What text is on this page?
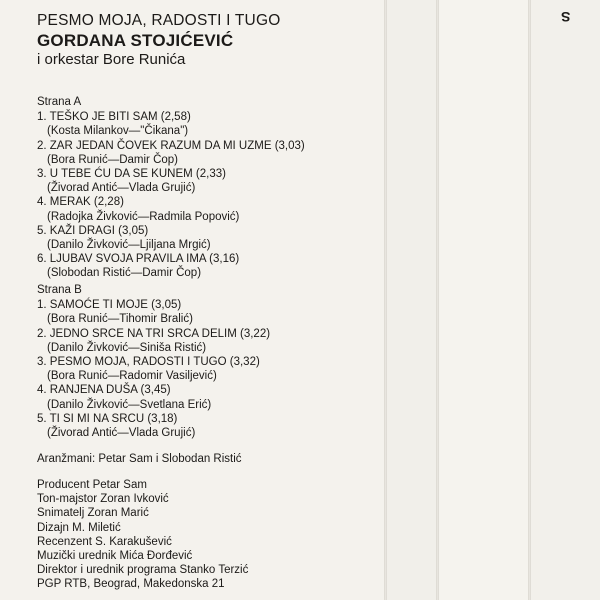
S
PESMO MOJA, RADOSTI I TUGO
GORDANA STOJIĆEVIĆ
i orkestar Bore Runića
Strana A
1. TEŠKO JE BITI SAM (2,58)
(Kosta Milankov—"Čikana")
2. ZAR JEDAN ČOVEK RAZUM DA MI UZME (3,03)
(Bora Runić—Damir Čop)
3. U TEBE ĆU DA SE KUNEM (2,33)
(Živorad Antić—Vlada Grujić)
4. MERAK (2,28)
(Radojka Živković—Radmila Popović)
5. KAŽI DRAGI (3,05)
(Danilo Živković—Ljiljana Mrgić)
6. LJUBAV SVOJA PRAVILA IMA (3,16)
(Slobodan Ristić—Damir Čop)
Strana B
1. SAMOĆE TI MOJE (3,05)
(Bora Runić—Tihomir Bralić)
2. JEDNO SRCE NA TRI SRCA DELIM (3,22)
(Danilo Živković—Siniša Ristić)
3. PESMO MOJA, RADOSTI I TUGO (3,32)
(Bora Runić—Radomir Vasiljević)
4. RANJENA DUŠA (3,45)
(Danilo Živković—Svetlana Erić)
5. TI SI MI NA SRCU (3,18)
(Živorad Antić—Vlada Grujić)
Aranžmani: Petar Sam i Slobodan Ristić
Producent Petar Sam
Ton-majstor Zoran Ivković
Snimatelj Zoran Marić
Dizajn M. Miletić
Recenzent S. Karakušević
Muzički urednik Mića Đorđević
Direktor i urednik programa Stanko Terzić
PGP RTB, Beograd, Makedonska 21
